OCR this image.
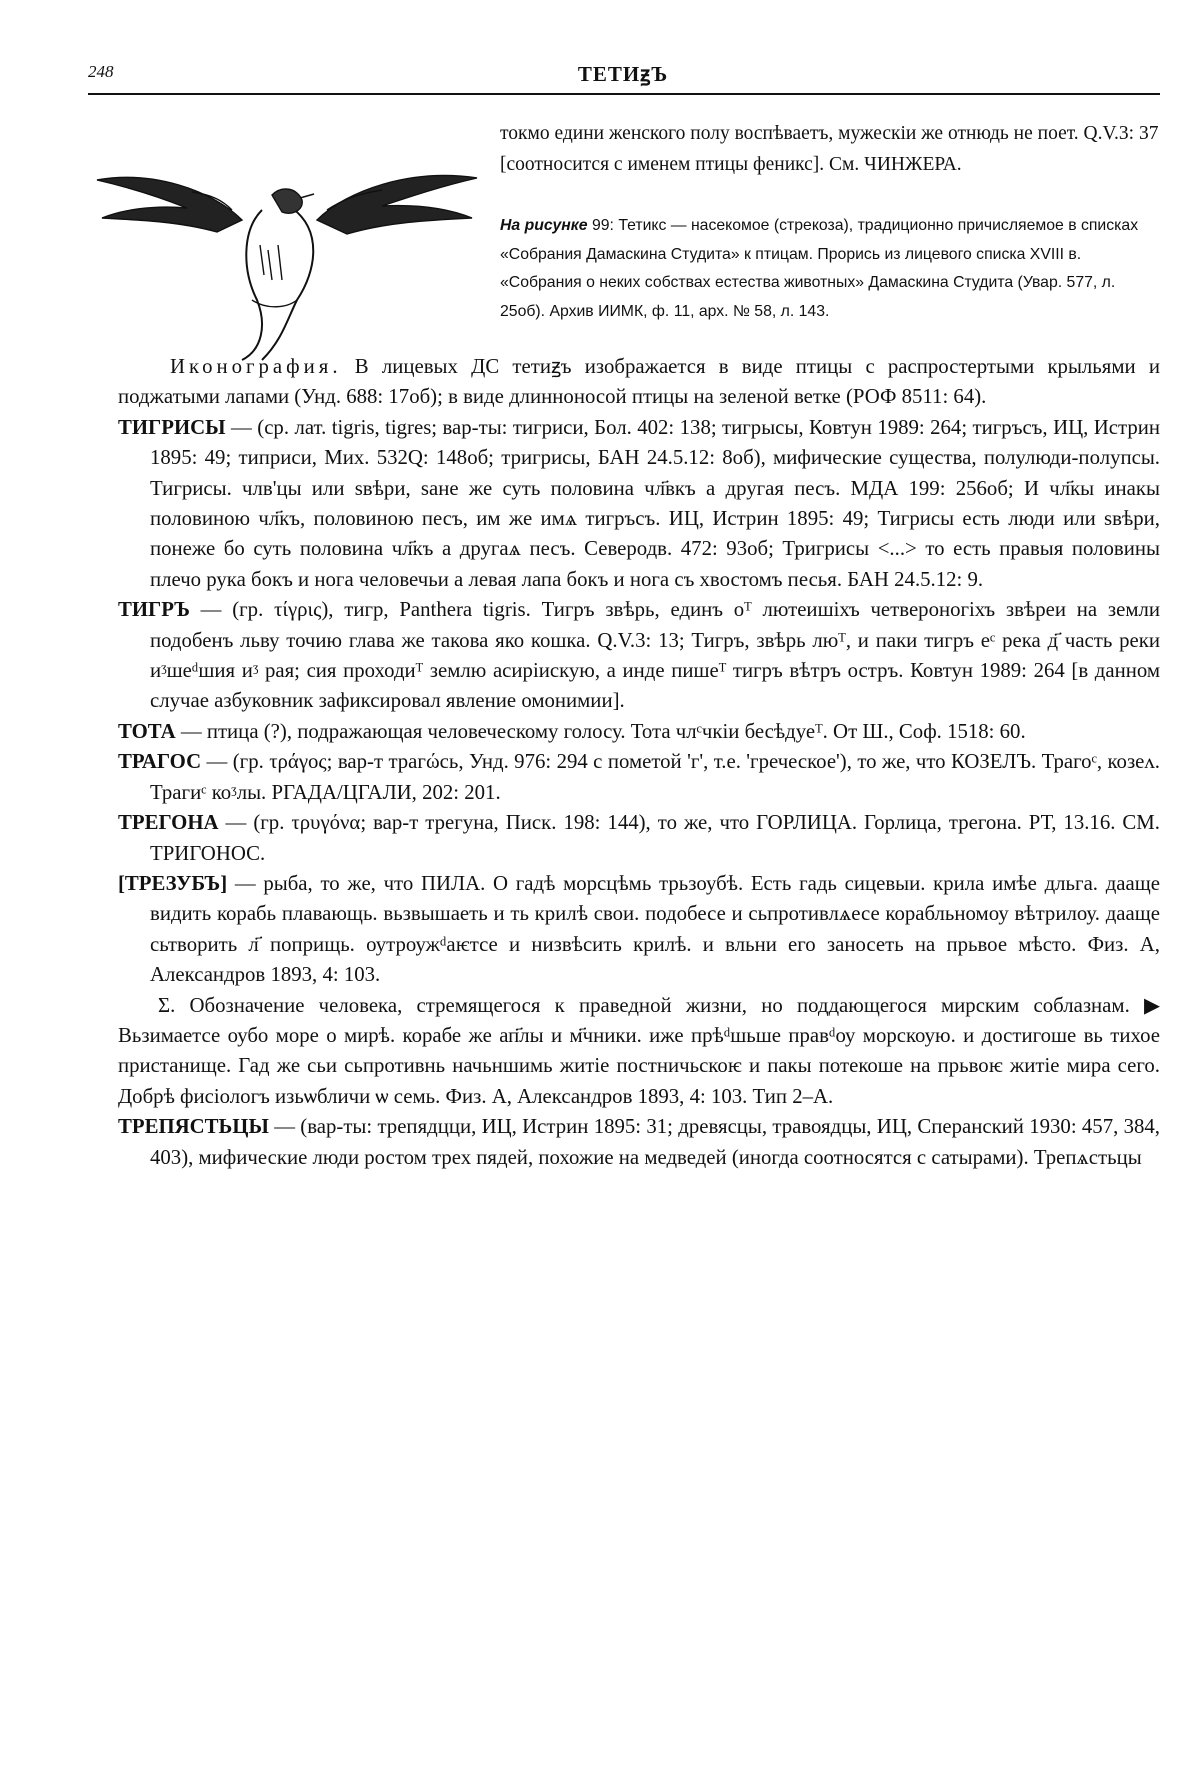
248	ТЕТИꙃЪ
токмо едини женского полу воспѣваетъ, мужескіи же отнюдь не поет. Q.V.3: 37 [соотносится с именем птицы феникс]. См. ЧИНЖЕРА.
На рисунке 99: Тетикс — насекомое (стрекоза), традиционно причисляемое в списках «Собрания Дамаскина Студита» к птицам. Прорись из лицевого списка XVIII в. «Собрания о неких собствах естества животных» Дамаскина Студита (Увар. 577, л. 25об). Архив ИИМК, ф. 11, арх. № 58, л. 143.

Иконография. В лицевых ДС тетиꙃъ изображается в виде птицы с распростертыми крыльями и поджатыми лапами (Унд. 688: 17об); в виде длинноносой птицы на зеленой ветке (РОФ 8511: 64).

ТИГРИСЫ — (ср. лат. tigris, tigres; вар-ты: тигриси, Бол. 402: 138; тигрысы, Ковтун 1989: 264; тигръсъ, ИЦ, Истрин 1895: 49; типриси, Мих. 532Q: 148об; тригрисы, БАН 24.5.12: 8об), мифические существа, полулюди-полупсы. Тигрисы. члв'цы или ѕвѣри, ѕане же суть половина чл҃вкъ а другая песъ. МДА 199: 256об; И чл҃кы инакы половиною чл҃къ, половиною песъ, им же имѧ тигръсъ. ИЦ, Истрин 1895: 49; Тигрисы есть люди или ѕвѣри, понеже бо суть половина чл҃къ а другаѧ песъ. Северодв. 472: 93об; Тригрисы <...> то есть правыя половины плечо рука бокъ и нога человечьи а левая лапа бокъ и нога съ хвостомъ песья. БАН 24.5.12: 9.
ТИГРЪ — (гр. τίγρις), тигр, Panthera tigris. Тигръ звѣрь, единъ oᵀ лютеишіхъ четвероногіхъ звѣреи на земли подобенъ льву точию глава же такова яко кошка. Q.V.3: 13; Тигръ, звѣрь люᵀ, и паки тигръ еᶜ река д҃ часть реки иᶾшеᵈшия иᶾ рая; сия проходиᵀ землю асиріискую, а инде пишеᵀ тигръ вѣтръ остръ. Ковтун 1989: 264 [в данном случае азбуковник зафиксировал явление омонимии].
ТОТА — птица (?), подражающая человеческому голосу. Тота члᶜчкіи бесѣдуеᵀ. От Ш., Соф. 1518: 60.
ТРАГОС — (гр. τράγος; вар-т трагώсь, Унд. 976: 294 с пометой 'г', т.е. 'греческое'), то же, что КОЗЕЛЪ. Трагоᶜ, козеᴧ. Трагиᶜ коᶾлы. РГАДА/ЦГАЛИ, 202: 201.
ТРЕГОНА — (гр. τρυγόνα; вар-т трегуна, Писк. 198: 144), то же, что ГОРЛИЦА. Горлица, трегона. РТ, 13.16. СМ. ТРИГОНОС.
[ТРЕЗУБЪ] — рыба, то же, что ПИЛА. О гадѣ морсцѣмь трьзоубѣ. Есть гадь сицевыи. крила имѣе дльга. дааще видить корабь плавающь. вьзвышаеть и ть крилѣ свои. подобесе и сьпротивлѧесе корабльномоу вѣтрилоу. дааще сьтворить л҃ поприщь. оутроужᵈаѥтсе и низвѣсить крилѣ. и вльни его заносеть на прьвое мѣсто. Физ. А, Александров 1893, 4: 103.

Σ. Обозначение человека, стремящегося к праведной жизни, но поддающегося мирским соблазнам. ▶ Вьзимаетсе оубо море о мирѣ. корабе же ап҃лы и м҃чники. иже прѣᵈшьше правᵈоу морскоую. и достигоше вь тихое пристанище. Гад же сьи сьпротивнь начьншимь житіе постничьскоѥ и пакы потекоше на прьвоѥ житіе мира сего. Добрѣ фисіологъ изьѡбличи ѡ семь. Физ. А, Александров 1893, 4: 103. Тип 2–А.

ТРЕПЯСТЬЦЫ — (вар-ты: трепядцци, ИЦ, Истрин 1895: 31; древясцы, травоядцы, ИЦ, Сперанский 1930: 457, 384, 403), мифические люди ростом трех пядей, похожие на медведей (иногда соотносятся с сатырами). Трепѧстьцы
